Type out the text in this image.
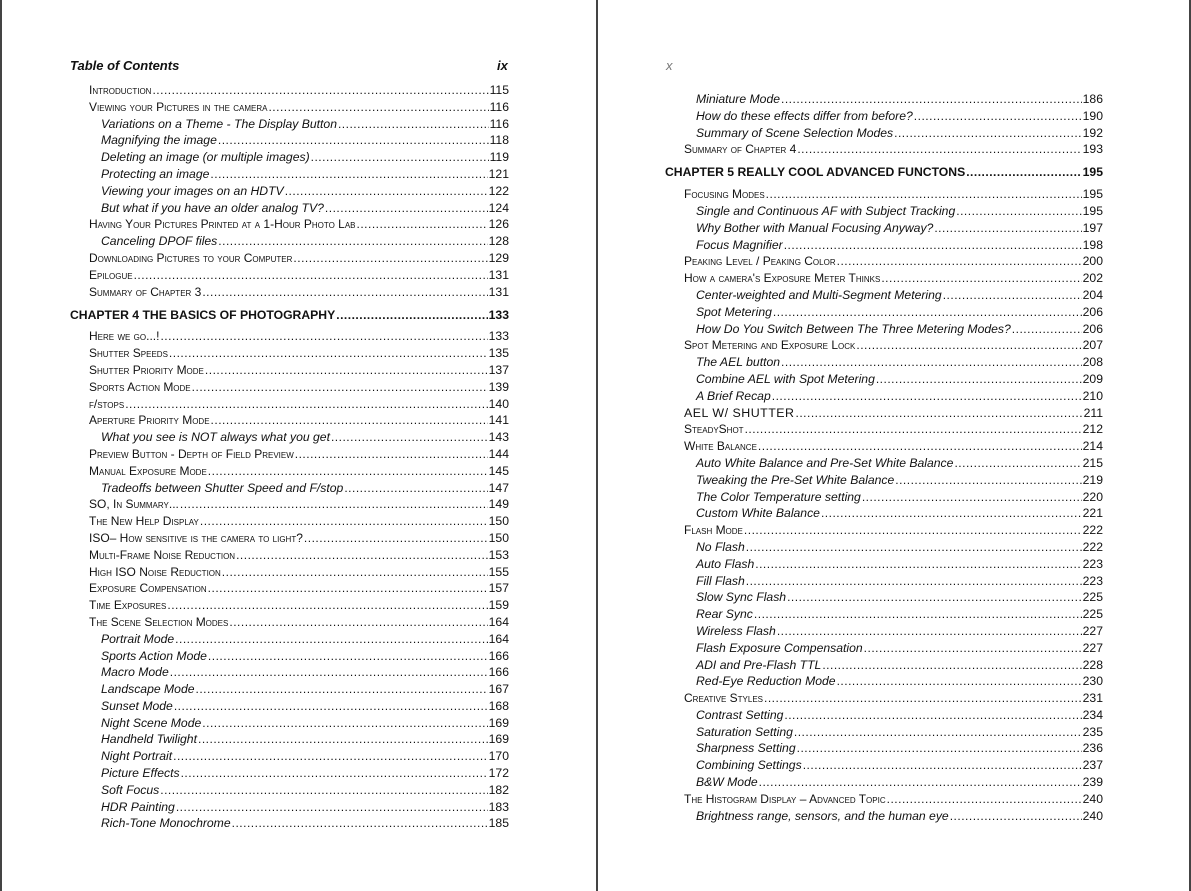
Table of Contents	ix
Introduction .....	115
Viewing your Pictures in the camera .....	116
Variations on a Theme - The Display Button .....	116
Magnifying the image .....	118
Deleting an image (or multiple images) .....	119
Protecting an image .....	121
Viewing your images on an HDTV .....	122
But what if you have an older analog TV? .....	124
Having Your Pictures Printed at a 1-Hour Photo Lab .....	126
Canceling DPOF files .....	128
Downloading Pictures to your Computer .....	129
Epilogue .....	131
Summary of Chapter 3 .....	131
CHAPTER 4 THE BASICS OF PHOTOGRAPHY .....	133
Here we go...! .....	133
Shutter Speeds .....	135
Shutter Priority Mode .....	137
Sports Action Mode .....	139
f/stops .....	140
Aperture Priority Mode .....	141
What you see is NOT always what you get .....	143
Preview Button - Depth of Field Preview .....	144
Manual Exposure Mode .....	145
Tradeoffs between Shutter Speed and F/stop .....	147
SO, In Summary... .....	149
The New Help Display .....	150
ISO– How sensitive is the camera to light? .....	150
Multi-Frame Noise Reduction .....	153
High ISO Noise Reduction .....	155
Exposure Compensation .....	157
Time Exposures .....	159
The Scene Selection Modes .....	164
Portrait Mode .....	164
Sports Action Mode .....	166
Macro Mode .....	166
Landscape Mode .....	167
Sunset Mode .....	168
Night Scene Mode .....	169
Handheld Twilight .....	169
Night Portrait .....	170
Picture Effects .....	172
Soft Focus .....	182
HDR Painting .....	183
Rich-Tone Monochrome .....	185
x
Miniature Mode .....	186
How do these effects differ from before? .....	190
Summary of Scene Selection Modes .....	192
Summary of Chapter 4 .....	193
CHAPTER 5 REALLY COOL ADVANCED FUNCTONS .....	195
Focusing Modes .....	195
Single and Continuous AF with Subject Tracking .....	195
Why Bother with Manual Focusing Anyway? .....	197
Focus Magnifier .....	198
Peaking Level / Peaking Color .....	200
How a camera's Exposure Meter Thinks .....	202
Center-weighted and Multi-Segment Metering .....	204
Spot Metering .....	206
How Do You Switch Between The Three Metering Modes? .....	206
Spot Metering and Exposure Lock .....	207
The AEL button .....	208
Combine AEL with Spot Metering .....	209
A Brief Recap .....	210
AEL W/ SHUTTER .....	211
SteadyShot .....	212
White Balance .....	214
Auto White Balance and Pre-Set White Balance .....	215
Tweaking the Pre-Set White Balance .....	219
The Color Temperature setting .....	220
Custom White Balance .....	221
Flash Mode .....	222
No Flash .....	222
Auto Flash .....	223
Fill Flash .....	223
Slow Sync Flash .....	225
Rear Sync .....	225
Wireless Flash .....	227
Flash Exposure Compensation .....	227
ADI and Pre-Flash TTL .....	228
Red-Eye Reduction Mode .....	230
Creative Styles .....	231
Contrast Setting .....	234
Saturation Setting .....	235
Sharpness Setting .....	236
Combining Settings .....	237
B&W Mode .....	239
The Histogram Display – Advanced Topic .....	240
Brightness range, sensors, and the human eye .....	240
